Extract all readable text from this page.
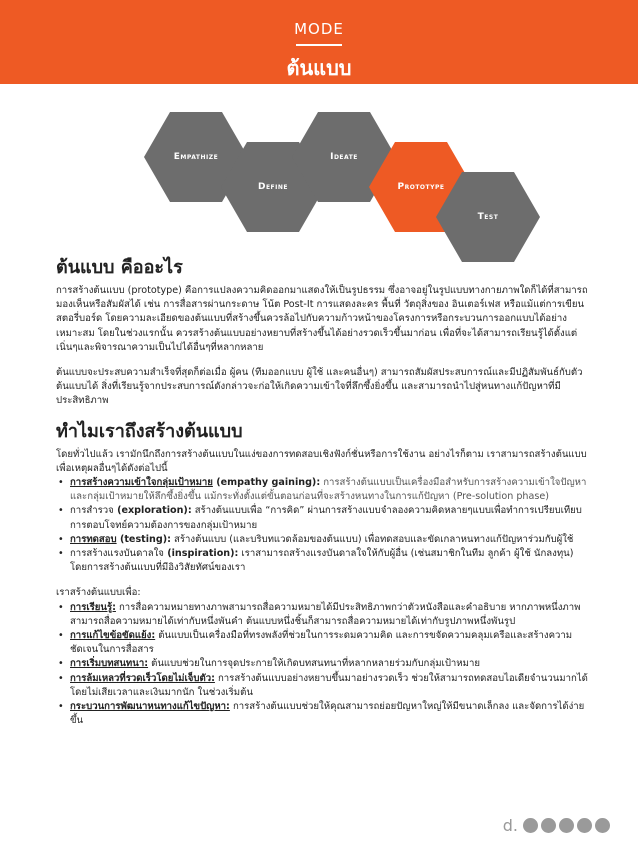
MODE
ต้นแบบ
Empathize
Define
Ideate
Prototype
Test
ต้นแบบ คืออะไร

การสร้างต้นแบบ (prototype) คือการแปลงความคิดออกมาแสดงให้เป็นรูปธรรม ซึ่งอาจอยู่ในรูปแบบทางกายภาพใดก็ได้ที่สามารถมองเห็นหรือสัมผัสได้ เช่น การสื่อสารผ่านกระดาษ โน้ต Post-It การแสดงละคร พื้นที่ วัตถุสิ่งของ อินเตอร์เฟส หรือแม้แต่การเขียนสตอรี่บอร์ด โดยความละเอียดของต้นแบบที่สร้างขึ้นควรล้อไปกับความก้าวหน้าของโครงการหรือกระบวนการออกแบบได้อย่างเหมาะสม โดยในช่วงแรกนั้น ควรสร้างต้นแบบอย่างหยาบที่สร้างขึ้นได้อย่างรวดเร็วขึ้นมาก่อน เพื่อที่จะได้สามารถเรียนรู้ได้ตั้งแต่เนิ่นๆและพิจารณาความเป็นไปได้อื่นๆที่หลากหลาย

ต้นแบบจะประสบความสำเร็จที่สุดก็ต่อเมื่อ ผู้คน (ทีมออกแบบ ผู้ใช้ และคนอื่นๆ) สามารถสัมผัสประสบการณ์และมีปฏิสัมพันธ์กับตัวต้นแบบได้ สิ่งที่เรียนรู้จากประสบการณ์ดังกล่าวจะก่อให้เกิดความเข้าใจที่ลึกซึ้งยิ่งขึ้น และสามารถนำไปสู่หนทางแก้ปัญหาที่มีประสิทธิภาพ

ทำไมเราถึงสร้างต้นแบบ

โดยทั่วไปแล้ว เรามักนึกถึงการสร้างต้นแบบในแง่ของการทดสอบเชิงฟังก์ชั่นหรือการใช้งาน อย่างไรก็ตาม เราสามารถสร้างต้นแบบเพื่อเหตุผลอื่นๆได้ดังต่อไปนี้

• การสร้างความเข้าใจกลุ่มเป้าหมาย (empathy gaining): การสร้างต้นแบบเป็นเครื่องมือสำหรับการสร้างความเข้าใจปัญหาและกลุ่มเป้าหมายให้ลึกซึ้งยิ่งขึ้น แม้กระทั่งตั้งแต่ขั้นตอนก่อนที่จะสร้างหนทางในการแก้ปัญหา (Pre-solution phase)
• การสำรวจ (exploration): สร้างต้นแบบเพื่อ “การคิด” ผ่านการสร้างแบบจำลองความคิดหลายๆแบบเพื่อทำการเปรียบเทียบการตอบโจทย์ความต้องการของกลุ่มเป้าหมาย
• การทดสอบ (testing): สร้างต้นแบบ (และบริบทแวดล้อมของต้นแบบ) เพื่อทดสอบและขัดเกลาหนทางแก้ปัญหาร่วมกับผู้ใช้
• การสร้างแรงบันดาลใจ (inspiration): เราสามารถสร้างแรงบันดาลใจให้กับผู้อื่น (เช่นสมาชิกในทีม ลูกค้า ผู้ใช้ นักลงทุน) โดยการสร้างต้นแบบที่มีอิงวิสัยทัศน์ของเรา

เราสร้างต้นแบบเพื่อ:

• การเรียนรู้: การสื่อความหมายทางภาพสามารถสื่อความหมายได้มีประสิทธิภาพกว่าตัวหนังสือและคำอธิบาย หากภาพหนึ่งภาพสามารถสื่อความหมายได้เท่ากับหนึ่งพันคำ ต้นแบบหนึ่งชิ้นก็สามารถสื่อความหมายได้เท่ากับรูปภาพหนึ่งพันรูป
• การแก้ไขข้อขัดแย้ง: ต้นแบบเป็นเครื่องมือที่ทรงพลังที่ช่วยในการระดมความคิด และการขจัดความคลุมเครือและสร้างความชัดเจนในการสื่อสาร
• การเริ่มบทสนทนา: ต้นแบบช่วยในการจุดประกายให้เกิดบทสนทนาที่หลากหลายร่วมกับกลุ่มเป้าหมาย
• การล้มเหลวที่รวดเร็วโดยไม่เจ็บตัว: การสร้างต้นแบบอย่างหยาบขึ้นมาอย่างรวดเร็ว ช่วยให้สามารถทดสอบไอเดียจำนวนมากได้โดยไม่เสียเวลาและเงินมากนัก ในช่วงเริ่มต้น
• กระบวนการพัฒนาหนทางแก้ไขปัญหา: การสร้างต้นแบบช่วยให้คุณสามารถย่อยปัญหาใหญ่ให้มีขนาดเล็กลง และจัดการได้ง่ายขึ้น
d.
